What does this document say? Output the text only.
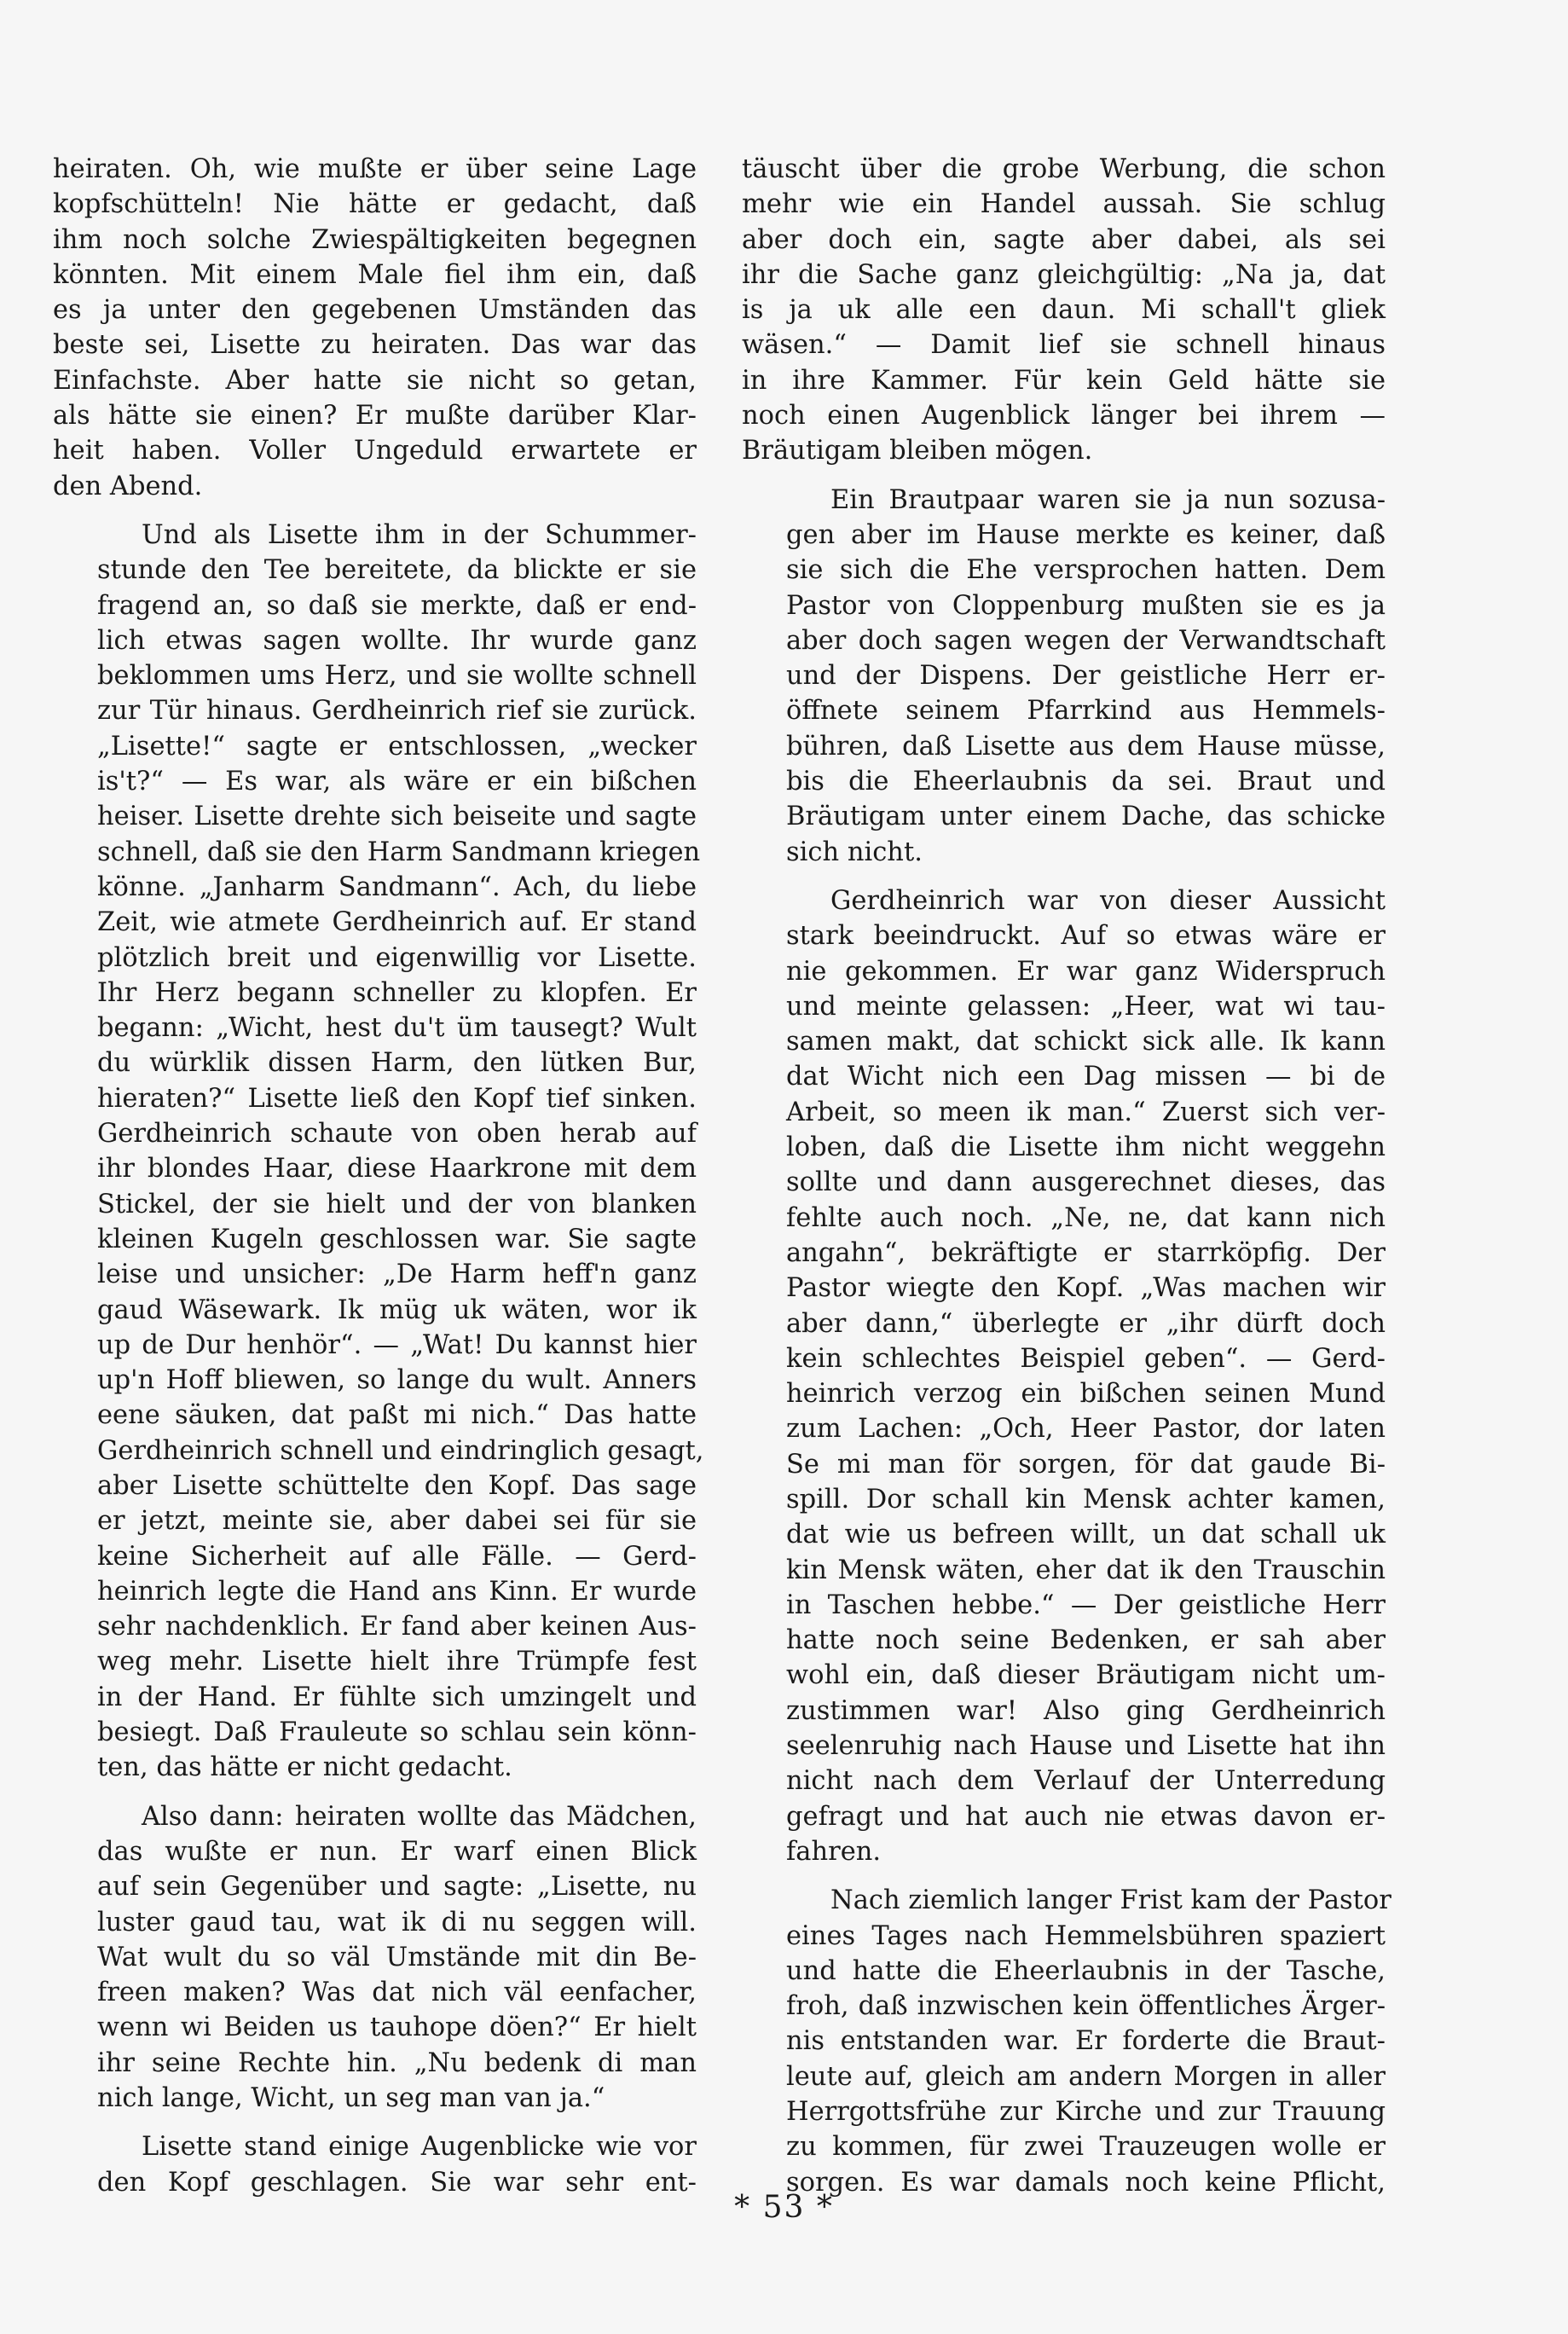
heiraten. Oh, wie mußte er über seine Lage
kopfschütteln! Nie hätte er gedacht, daß
ihm noch solche Zwiespältigkeiten begegnen
könnten. Mit einem Male fiel ihm ein, daß
es ja unter den gegebenen Umständen das
beste sei, Lisette zu heiraten. Das war das
Einfachste. Aber hatte sie nicht so getan,
als hätte sie einen? Er mußte darüber Klar-
heit haben. Voller Ungeduld erwartete er
den Abend.
Und als Lisette ihm in der Schummer-
stunde den Tee bereitete, da blickte er sie
fragend an, so daß sie merkte, daß er end-
lich etwas sagen wollte. Ihr wurde ganz
beklommen ums Herz, und sie wollte schnell
zur Tür hinaus. Gerdheinrich rief sie zurück.
„Lisette!“ sagte er entschlossen, „wecker
is't?“ — Es war, als wäre er ein bißchen
heiser. Lisette drehte sich beiseite und sagte
schnell, daß sie den Harm Sandmann kriegen
könne. „Janharm Sandmann“. Ach, du liebe
Zeit, wie atmete Gerdheinrich auf. Er stand
plötzlich breit und eigenwillig vor Lisette.
Ihr Herz begann schneller zu klopfen. Er
begann: „Wicht, hest du't üm tausegt? Wult
du würklik dissen Harm, den lütken Bur,
hieraten?“ Lisette ließ den Kopf tief sinken.
Gerdheinrich schaute von oben herab auf
ihr blondes Haar, diese Haarkrone mit dem
Stickel, der sie hielt und der von blanken
kleinen Kugeln geschlossen war. Sie sagte
leise und unsicher: „De Harm heff'n ganz
gaud Wäsewark. Ik müg uk wäten, wor ik
up de Dur henhör“. — „Wat! Du kannst hier
up'n Hoff bliewen, so lange du wult. Anners
eene säuken, dat paßt mi nich.“ Das hatte
Gerdheinrich schnell und eindringlich gesagt,
aber Lisette schüttelte den Kopf. Das sage
er jetzt, meinte sie, aber dabei sei für sie
keine Sicherheit auf alle Fälle. — Gerd-
heinrich legte die Hand ans Kinn. Er wurde
sehr nachdenklich. Er fand aber keinen Aus-
weg mehr. Lisette hielt ihre Trümpfe fest
in der Hand. Er fühlte sich umzingelt und
besiegt. Daß Frauleute so schlau sein könn-
ten, das hätte er nicht gedacht.
Also dann: heiraten wollte das Mädchen,
das wußte er nun. Er warf einen Blick
auf sein Gegenüber und sagte: „Lisette, nu
luster gaud tau, wat ik di nu seggen will.
Wat wult du so väl Umstände mit din Be-
freen maken? Was dat nich väl eenfacher,
wenn wi Beiden us tauhope döen?“ Er hielt
ihr seine Rechte hin. „Nu bedenk di man
nich lange, Wicht, un seg man van ja.“
Lisette stand einige Augenblicke wie vor
den Kopf geschlagen. Sie war sehr ent-
täuscht über die grobe Werbung, die schon
mehr wie ein Handel aussah. Sie schlug
aber doch ein, sagte aber dabei, als sei
ihr die Sache ganz gleichgültig: „Na ja, dat
is ja uk alle een daun. Mi schall't gliek
wäsen.“ — Damit lief sie schnell hinaus
in ihre Kammer. Für kein Geld hätte sie
noch einen Augenblick länger bei ihrem —
Bräutigam bleiben mögen.
Ein Brautpaar waren sie ja nun sozusa-
gen aber im Hause merkte es keiner, daß
sie sich die Ehe versprochen hatten. Dem
Pastor von Cloppenburg mußten sie es ja
aber doch sagen wegen der Verwandtschaft
und der Dispens. Der geistliche Herr er-
öffnete seinem Pfarrkind aus Hemmels-
bühren, daß Lisette aus dem Hause müsse,
bis die Eheerlaubnis da sei. Braut und
Bräutigam unter einem Dache, das schicke
sich nicht.
Gerdheinrich war von dieser Aussicht
stark beeindruckt. Auf so etwas wäre er
nie gekommen. Er war ganz Widerspruch
und meinte gelassen: „Heer, wat wi tau-
samen makt, dat schickt sick alle. Ik kann
dat Wicht nich een Dag missen — bi de
Arbeit, so meen ik man.“ Zuerst sich ver-
loben, daß die Lisette ihm nicht weggehn
sollte und dann ausgerechnet dieses, das
fehlte auch noch. „Ne, ne, dat kann nich
angahn“, bekräftigte er starrköpfig. Der
Pastor wiegte den Kopf. „Was machen wir
aber dann,“ überlegte er „ihr dürft doch
kein schlechtes Beispiel geben“. — Gerd-
heinrich verzog ein bißchen seinen Mund
zum Lachen: „Och, Heer Pastor, dor laten
Se mi man för sorgen, för dat gaude Bi-
spill. Dor schall kin Mensk achter kamen,
dat wie us befreen willt, un dat schall uk
kin Mensk wäten, eher dat ik den Trauschin
in Taschen hebbe.“ — Der geistliche Herr
hatte noch seine Bedenken, er sah aber
wohl ein, daß dieser Bräutigam nicht um-
zustimmen war! Also ging Gerdheinrich
seelenruhig nach Hause und Lisette hat ihn
nicht nach dem Verlauf der Unterredung
gefragt und hat auch nie etwas davon er-
fahren.
Nach ziemlich langer Frist kam der Pastor
eines Tages nach Hemmelsbühren spaziert
und hatte die Eheerlaubnis in der Tasche,
froh, daß inzwischen kein öffentliches Ärger-
nis entstanden war. Er forderte die Braut-
leute auf, gleich am andern Morgen in aller
Herrgottsfrühe zur Kirche und zur Trauung
zu kommen, für zwei Trauzeugen wolle er
sorgen. Es war damals noch keine Pflicht,
* 53 *
